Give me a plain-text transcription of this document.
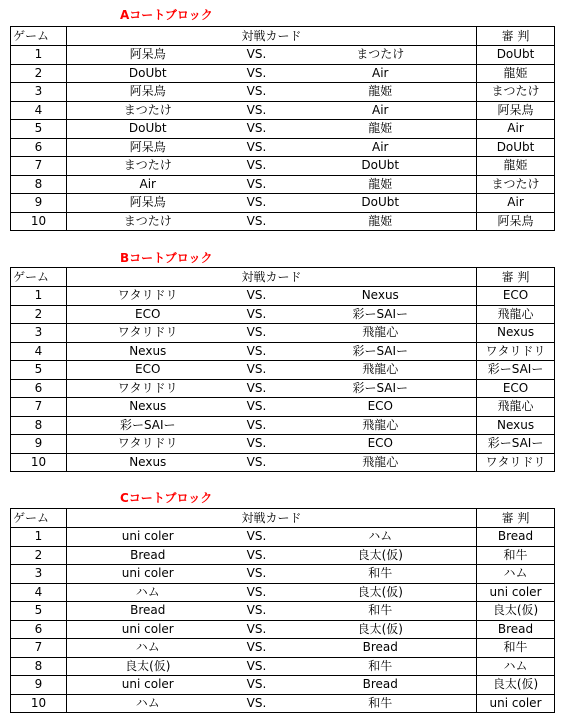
Aコートブロック
ゲーム	対戦カード			審 判
1	阿呆鳥	VS.	まつたけ	DoUbt
2	DoUbt	VS.	Air	龍姫
3	阿呆鳥	VS.	龍姫	まつたけ
4	まつたけ	VS.	Air	阿呆鳥
5	DoUbt	VS.	龍姫	Air
6	阿呆鳥	VS.	Air	DoUbt
7	まつたけ	VS.	DoUbt	龍姫
8	Air	VS.	龍姫	まつたけ
9	阿呆鳥	VS.	DoUbt	Air
10	まつたけ	VS.	龍姫	阿呆鳥
Bコートブロック
ゲーム	対戦カード			審 判
1	ワタリドリ	VS.	Nexus	ECO
2	ECO	VS.	彩ーSAIー	飛龍心
3	ワタリドリ	VS.	飛龍心	Nexus
4	Nexus	VS.	彩ーSAIー	ワタリドリ
5	ECO	VS.	飛龍心	彩ーSAIー
6	ワタリドリ	VS.	彩ーSAIー	ECO
7	Nexus	VS.	ECO	飛龍心
8	彩ーSAIー	VS.	飛龍心	Nexus
9	ワタリドリ	VS.	ECO	彩ーSAIー
10	Nexus	VS.	飛龍心	ワタリドリ
Cコートブロック
ゲーム	対戦カード			審 判
1	uni coler	VS.	ハム	Bread
2	Bread	VS.	良太(仮)	和牛
3	uni coler	VS.	和牛	ハム
4	ハム	VS.	良太(仮)	uni coler
5	Bread	VS.	和牛	良太(仮)
6	uni coler	VS.	良太(仮)	Bread
7	ハム	VS.	Bread	和牛
8	良太(仮)	VS.	和牛	ハム
9	uni coler	VS.	Bread	良太(仮)
10	ハム	VS.	和牛	uni coler
